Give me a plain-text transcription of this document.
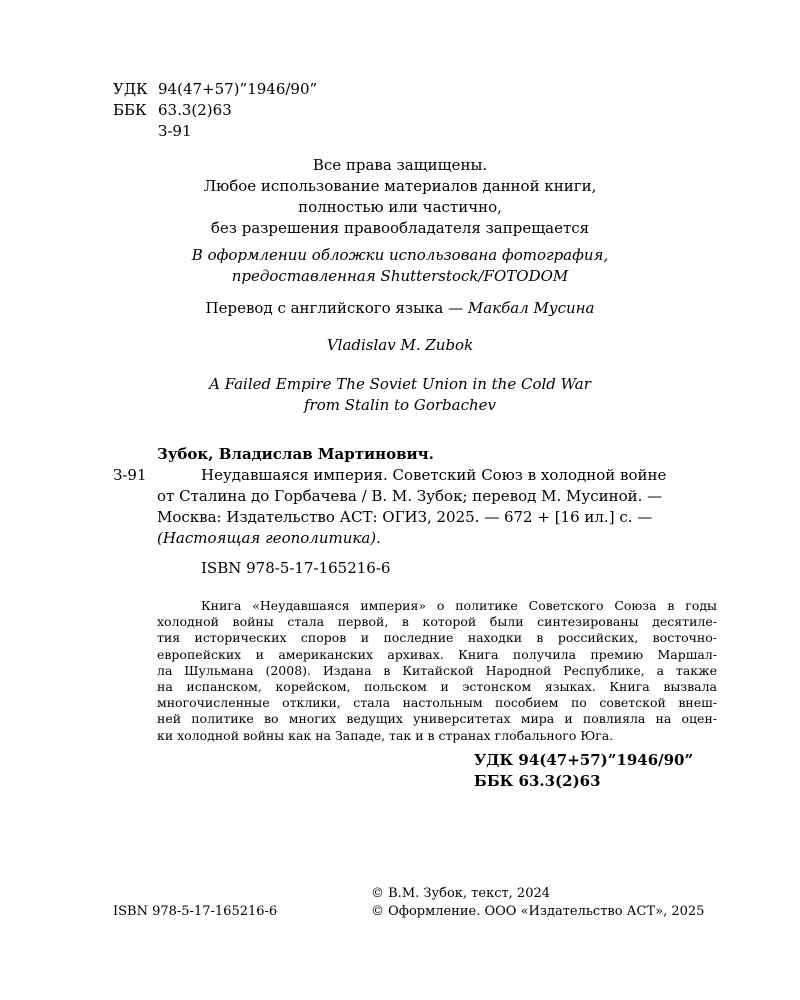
УДК 94(47+57)”1946/90”
ББК 63.3(2)63
З-91
Все права защищены.
Любое использование материалов данной книги,
полностью или частично,
без разрешения правообладателя запрещается
В оформлении обложки использована фотография,
предоставленная Shutterstock/FOTODOM
Перевод с английского языка — Макбал Мусина
Vladislav M. Zubok
A Failed Empire The Soviet Union in the Cold War
from Stalin to Gorbachev
Зубок, Владислав Мартинович.
З-91	Неудавшаяся империя. Советский Союз в холодной войне

от Сталина до Горбачева / В. М. Зубок; перевод М. Мусиной. —

Москва: Издательство АСТ: ОГИЗ, 2025. — 672 + [16 ил.] с. —

(Настоящая геополитика).

ISBN 978-5-17-165216-6

Книга «Неудавшаяся империя» о политике Советского Союза в годы

холодной войны стала первой, в которой были синтезированы десятиле-

тия исторических споров и последние находки в российских, восточно-

европейских и американских архивах. Книга получила премию Маршал-

ла Шульмана (2008). Издана в Китайской Народной Республике, а также

на испанском, корейском, польском и эстонском языках. Книга вызвала

многочисленные отклики, стала настольным пособием по советской внеш-

ней политике во многих ведущих университетах мира и повлияла на оцен-

ки холодной войны как на Западе, так и в странах глобального Юга.

УДК 94(47+57)”1946/90”
ББК 63.3(2)63
ISBN 978-5-17-165216-6
© В.М. Зубок, текст, 2024
© Оформление. ООО «Издательство АСТ», 2025
